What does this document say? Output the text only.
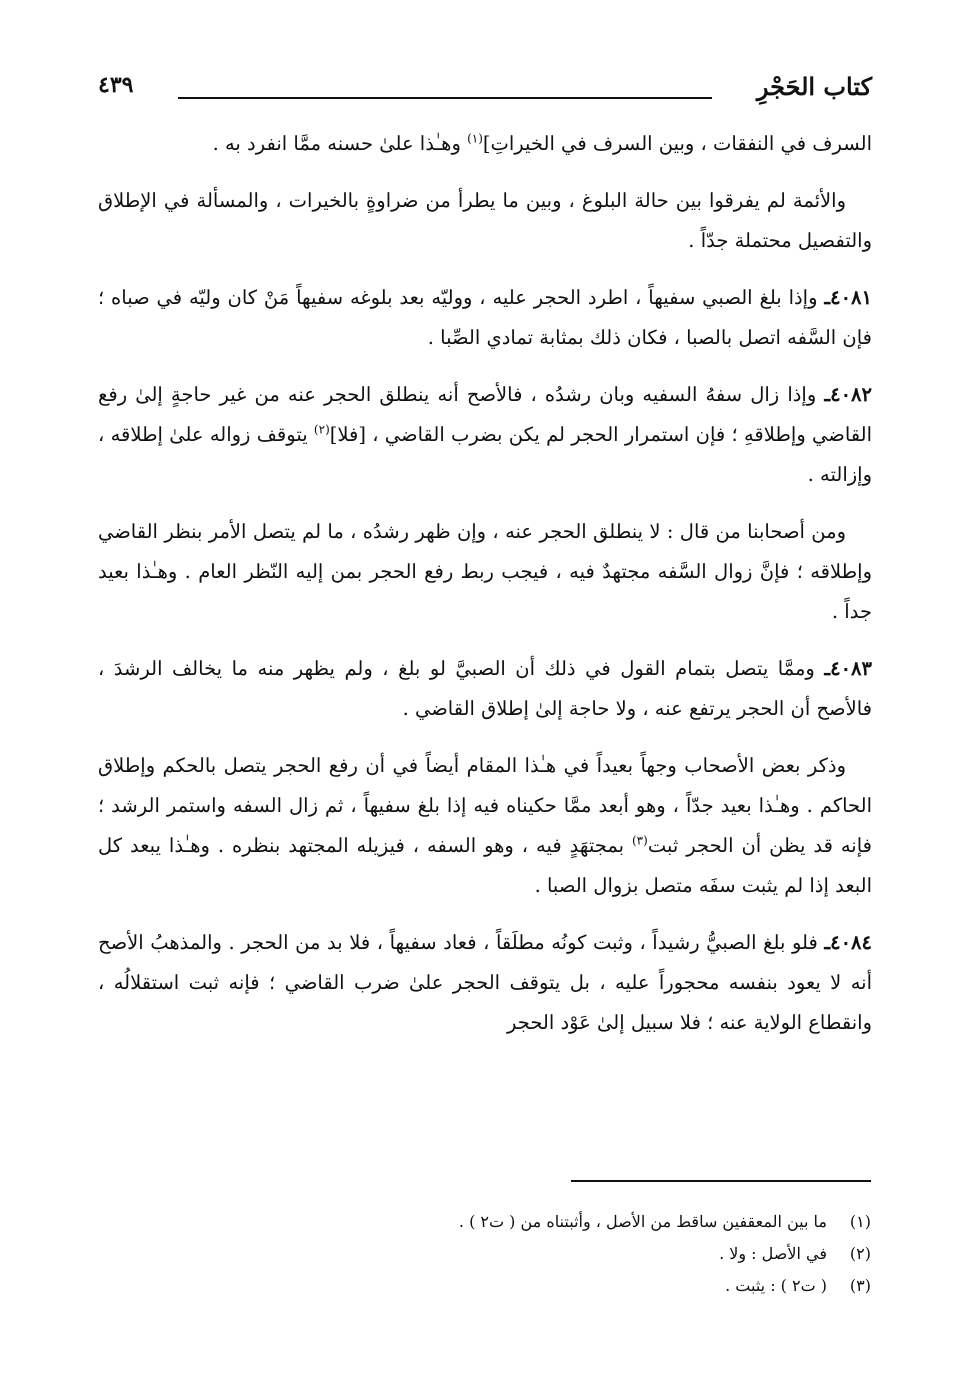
كتاب الحَجْرِ
٤٣٩

السرف في النفقات ، وبين السرف في الخيراتِ]$^{(١)}$ وهـٰذا علىٰ حسنه ممَّا انفرد به .

والأئمة لم يفرقوا بين حالة البلوغ ، وبين ما يطرأ من ضراوةٍ بالخيرات ، والمسألة في الإطلاق والتفصيل محتملة جدّاً .

٤٠٨١ـ وإذا بلغ الصبي سفيهاً ، اطرد الحجر عليه ، ووليّه بعد بلوغه سفيهاً مَنْ كان وليّه في صباه ؛ فإن السَّفه اتصل بالصبا ، فكان ذلك بمثابة تمادي الصِّبا .

٤٠٨٢ـ وإذا زال سفهُ السفيه وبان رشدُه ، فالأصح أنه ينطلق الحجر عنه من غير حاجةٍ إلىٰ رفع القاضي وإطلاقهِ ؛ فإن استمرار الحجر لم يكن بضرب القاضي ، [فلا]$^{(٢)}$ يتوقف زواله علىٰ إطلاقه ، وإزالته .

ومن أصحابنا من قال : لا ينطلق الحجر عنه ، وإن ظهر رشدُه ، ما لم يتصل الأمر بنظر القاضي وإطلاقه ؛ فإنَّ زوال السَّفه مجتهدٌ فيه ، فيجب ربط رفع الحجر بمن إليه النّظر العام . وهـٰذا بعيد جداً .

٤٠٨٣ـ وممَّا يتصل بتمام القول في ذلك أن الصبيَّ لو بلغ ، ولم يظهر منه ما يخالف الرشدَ ، فالأصح أن الحجر يرتفع عنه ، ولا حاجة إلىٰ إطلاق القاضي .

وذكر بعض الأصحاب وجهاً بعيداً في هـٰذا المقام أيضاً في أن رفع الحجر يتصل بالحكم وإطلاق الحاكم . وهـٰذا بعيد جدّاً ، وهو أبعد ممَّا حكيناه فيه إذا بلغ سفيهاً ، ثم زال السفه واستمر الرشد ؛ فإنه قد يظن أن الحجر ثبت$^{(٣)}$ بمجتهَدٍ فيه ، وهو السفه ، فيزيله المجتهد بنظره . وهـٰذا يبعد كل البعد إذا لم يثبت سفَه متصل بزوال الصبا .

٤٠٨٤ـ فلو بلغ الصبيُّ رشيداً ، وثبت كونُه مطلَقاً ، فعاد سفيهاً ، فلا بد من الحجر . والمذهبُ الأصح أنه لا يعود بنفسه محجوراً عليه ، بل يتوقف الحجر علىٰ ضرب القاضي ؛ فإنه ثبت استقلالُه ، وانقطاع الولاية عنه ؛ فلا سبيل إلىٰ عَوْد الحجر

(١)ما بين المعقفين ساقط من الأصل ، وأثبتناه من ( ت٢ ) .
(٢)في الأصل : ولا .
(٣)( ت٢ ) : يثبت .
